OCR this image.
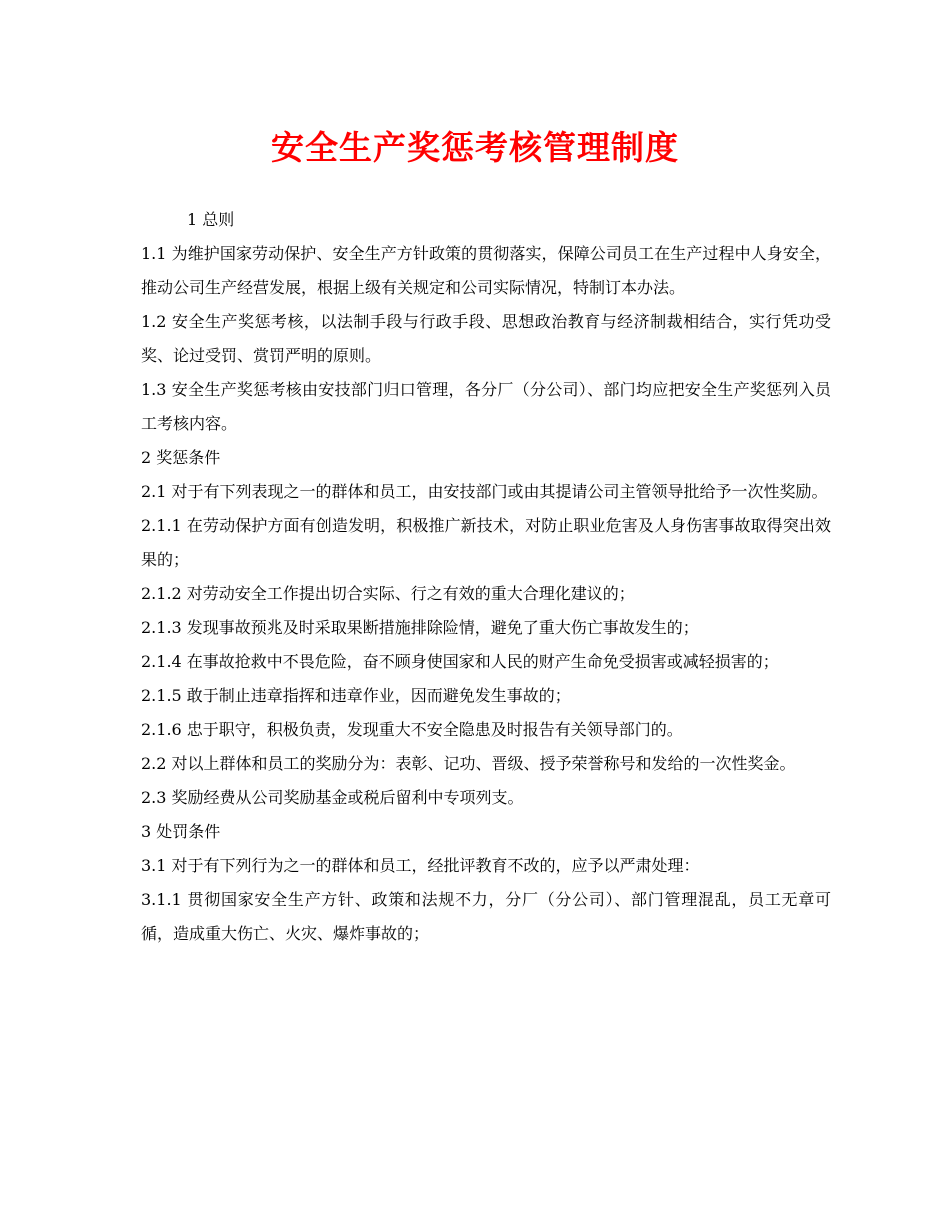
安全生产奖惩考核管理制度

1 总则

1.1 为维护国家劳动保护、安全生产方针政策的贯彻落实，保障公司员工在生产过程中人身安全，推动公司生产经营发展，根据上级有关规定和公司实际情况，特制订本办法。

1.2 安全生产奖惩考核，以法制手段与行政手段、思想政治教育与经济制裁相结合，实行凭功受奖、论过受罚、赏罚严明的原则。

1.3 安全生产奖惩考核由安技部门归口管理，各分厂（分公司）、部门均应把安全生产奖惩列入员工考核内容。

2 奖惩条件

2.1 对于有下列表现之一的群体和员工，由安技部门或由其提请公司主管领导批给予一次性奖励。

2.1.1 在劳动保护方面有创造发明，积极推广新技术，对防止职业危害及人身伤害事故取得突出效果的；

2.1.2 对劳动安全工作提出切合实际、行之有效的重大合理化建议的；

2.1.3 发现事故预兆及时采取果断措施排除险情，避免了重大伤亡事故发生的；

2.1.4 在事故抢救中不畏危险，奋不顾身使国家和人民的财产生命免受损害或减轻损害的；

2.1.5 敢于制止违章指挥和违章作业，因而避免发生事故的；

2.1.6 忠于职守，积极负责，发现重大不安全隐患及时报告有关领导部门的。

2.2 对以上群体和员工的奖励分为：表彰、记功、晋级、授予荣誉称号和发给的一次性奖金。

2.3 奖励经费从公司奖励基金或税后留利中专项列支。

3 处罚条件

3.1 对于有下列行为之一的群体和员工，经批评教育不改的，应予以严肃处理：

3.1.1 贯彻国家安全生产方针、政策和法规不力，分厂（分公司）、部门管理混乱，员工无章可循，造成重大伤亡、火灾、爆炸事故的；
